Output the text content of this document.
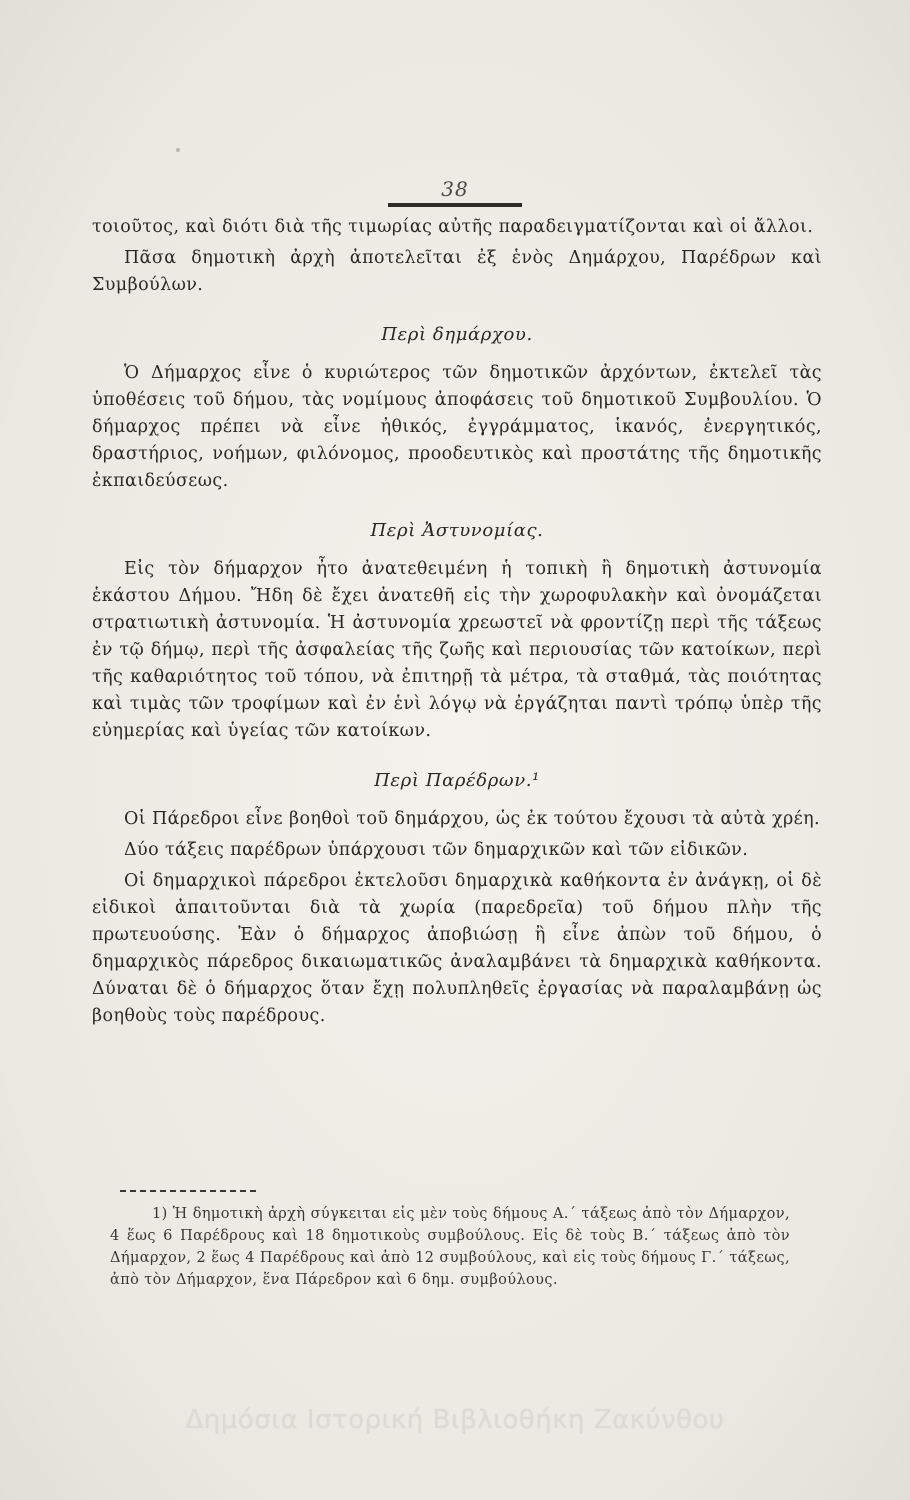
38

τοιοῦτος, καὶ διότι διὰ τῆς τιμωρίας αὐτῆς παραδειγματίζονται καὶ οἱ ἄλλοι.

Πᾶσα δημοτικὴ ἀρχὴ ἀποτελεῖται ἐξ ἑνὸς Δημάρχου, Παρέδρων καὶ Συμβούλων.

Περὶ δημάρχου.

Ὁ Δήμαρχος εἶνε ὁ κυριώτερος τῶν δημοτικῶν ἀρχόντων, ἐκτελεῖ τὰς ὑποθέσεις τοῦ δήμου, τὰς νομίμους ἀποφάσεις τοῦ δημοτικοῦ Συμβουλίου. Ὁ δήμαρχος πρέπει νὰ εἶνε ἠθικός, ἐγγράμματος, ἱκανός, ἐνεργητικός, δραστήριος, νοήμων, φιλόνομος, προοδευτικὸς καὶ προστάτης τῆς δημοτικῆς ἐκπαιδεύσεως.

Περὶ Ἀστυνομίας.

Εἰς τὸν δήμαρχον ἦτο ἀνατεθειμένη ἡ τοπικὴ ἢ δημοτικὴ ἀστυνομία ἑκάστου Δήμου. Ἤδη δὲ ἔχει ἀνατεθῆ εἰς τὴν χωροφυλακὴν καὶ ὀνομάζεται στρατιωτικὴ ἀστυνομία. Ἡ ἀστυνομία χρεωστεῖ νὰ φροντίζῃ περὶ τῆς τάξεως ἐν τῷ δήμῳ, περὶ τῆς ἀσφαλείας τῆς ζωῆς καὶ περιουσίας τῶν κατοίκων, περὶ τῆς καθαριότητος τοῦ τόπου, νὰ ἐπιτηρῇ τὰ μέτρα, τὰ σταθμά, τὰς ποιότητας καὶ τιμὰς τῶν τροφίμων καὶ ἐν ἑνὶ λόγῳ νὰ ἐργάζηται παντὶ τρόπῳ ὑπὲρ τῆς εὐημερίας καὶ ὑγείας τῶν κατοίκων.

Περὶ Παρέδρων.¹

Οἱ Πάρεδροι εἶνε βοηθοὶ τοῦ δημάρχου, ὡς ἐκ τούτου ἔχουσι τὰ αὐτὰ χρέη.

Δύο τάξεις παρέδρων ὑπάρχουσι τῶν δημαρχικῶν καὶ τῶν εἰδικῶν.

Οἱ δημαρχικοὶ πάρεδροι ἐκτελοῦσι δημαρχικὰ καθήκοντα ἐν ἀνάγκῃ, οἱ δὲ εἰδικοὶ ἀπαιτοῦνται διὰ τὰ χωρία (παρεδρεῖα) τοῦ δήμου πλὴν τῆς πρωτευούσης. Ἐὰν ὁ δήμαρχος ἀποβιώσῃ ἢ εἶνε ἀπὼν τοῦ δήμου, ὁ δημαρχικὸς πάρεδρος δικαιωματικῶς ἀναλαμβάνει τὰ δημαρχικὰ καθήκοντα. Δύναται δὲ ὁ δήμαρχος ὅταν ἔχῃ πολυπληθεῖς ἐργασίας νὰ παραλαμβάνῃ ὡς βοηθοὺς τοὺς παρέδρους.

1) Ἡ δημοτικὴ ἀρχὴ σύγκειται εἰς μὲν τοὺς δήμους Α.΄ τάξεως ἀπὸ τὸν Δήμαρχον, 4 ἕως 6 Παρέδρους καὶ 18 δημοτικοὺς συμβούλους. Εἰς δὲ τοὺς Β.΄ τάξεως ἀπὸ τὸν Δήμαρχον, 2 ἕως 4 Παρέδρους καὶ ἀπὸ 12 συμβούλους, καὶ εἰς τοὺς δήμους Γ.΄ τάξεως, ἀπὸ τὸν Δήμαρχον, ἕνα Πάρεδρον καὶ 6 δημ. συμβούλους.
Δημόσια Ιστορική Βιβλιοθήκη Ζακύνθου
